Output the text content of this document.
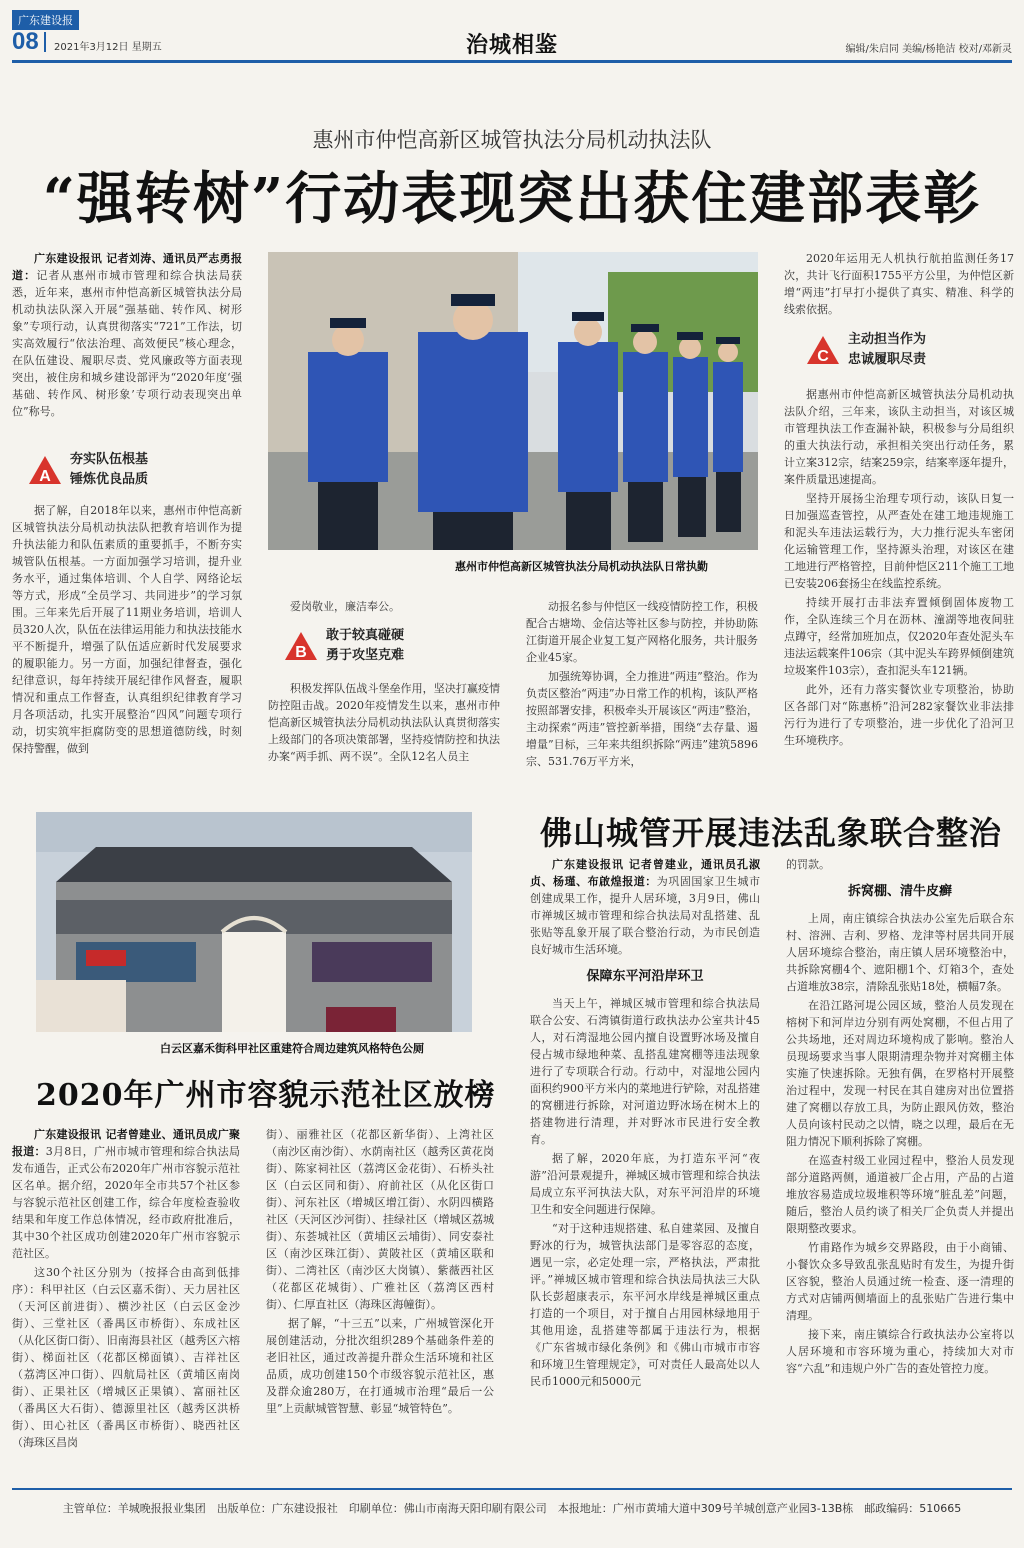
广东建设报
08 2021年3月12日 星期五	治城相鉴	编辑/朱启同 美编/杨艳洁 校对/邓新灵
惠州市仲恺高新区城管执法分局机动执法队
“强转树”行动表现突出获住建部表彰

广东建设报讯 记者刘涛、通讯员严志勇报道：记者从惠州市城市管理和综合执法局获悉，近年来，惠州市仲恺高新区城管执法分局机动执法队深入开展“强基础、转作风、树形象”专项行动，认真贯彻落实“721”工作法，切实高效履行“依法治理、高效便民”核心理念，在队伍建设、履职尽责、党风廉政等方面表现突出，被住房和城乡建设部评为“2020年度‘强基础、转作风、树形象’专项行动表现突出单位”称号。

A
夯实队伍根基
锤炼优良品质

据了解，自2018年以来，惠州市仲恺高新区城管执法分局机动执法队把教育培训作为提升执法能力和队伍素质的重要抓手，不断夯实城管队伍根基。一方面加强学习培训，提升业务水平，通过集体培训、个人自学、网络论坛等方式，形成“全员学习、共同进步”的学习氛围。三年来先后开展了11期业务培训，培训人员320人次，队伍在法律运用能力和执法技能水平不断提升，增强了队伍适应新时代发展要求的履职能力。另一方面，加强纪律督查，强化纪律意识，每年持续开展纪律作风督查，履职情况和重点工作督查，认真组织纪律教育学习月各项活动，扎实开展整治“四风”问题专项行动，切实筑牢拒腐防变的思想道德防线，时刻保持警醒，做到

惠州市仲恺高新区城管执法分局机动执法队日常执勤

爱岗敬业，廉洁奉公。

B
敢于较真碰硬
勇于攻坚克难

积极发挥队伍战斗堡垒作用，坚决打赢疫情防控阻击战。2020年疫情发生以来，惠州市仲恺高新区城管执法分局机动执法队认真贯彻落实上级部门的各项决策部署，坚持疫情防控和执法办案“两手抓、两不误”。全队12名人员主

动报名参与仲恺区一线疫情防控工作，积极配合古塘坳、金信达等社区参与防控，并协助陈江街道开展企业复工复产网格化服务，共计服务企业45家。

加强统筹协调，全力推进“两违”整治。作为负责区整治“两违”办日常工作的机构，该队严格按照部署安排，积极牵头开展该区“两违”整治，主动探索“两违”管控新举措，围绕“去存量、遏增量”目标，三年来共组织拆除“两违”建筑5896宗、531.76万平方米，

2020年运用无人机执行航拍监测任务17次，共计飞行面积1755平方公里，为仲恺区新增“两违”打早打小提供了真实、精准、科学的线索依据。

C
主动担当作为
忠诚履职尽责

据惠州市仲恺高新区城管执法分局机动执法队介绍，三年来，该队主动担当，对该区城市管理执法工作查漏补缺，积极参与分局组织的重大执法行动，承担相关突出行动任务，累计立案312宗，结案259宗，结案率逐年提升，案件质量迅速提高。

坚持开展扬尘治理专项行动，该队日复一日加强巡查管控，从严查处在建工地违规施工和泥头车违法运载行为，大力推行泥头车密闭化运输管理工作，坚持源头治理，对该区在建工地进行严格管控，目前仲恺区211个施工工地已安装206套扬尘在线监控系统。

持续开展打击非法弃置倾倒固体废物工作，全队连续三个月在沥林、潼湖等地夜间驻点蹲守，经常加班加点，仅2020年查处泥头车违法运载案件106宗（其中泥头车跨界倾倒建筑垃圾案件103宗），查扣泥头车121辆。

此外，还有力落实餐饮业专项整治，协助区各部门对“陈惠桥”沿河282家餐饮业非法排污行为进行了专项整治，进一步优化了沿河卫生环境秩序。

白云区嘉禾街科甲社区重建符合周边建筑风格特色公厕
2020年广州市容貌示范社区放榜

广东建设报讯 记者曾建业、通讯员成广聚报道：3月8日，广州市城市管理和综合执法局发布通告，正式公布2020年广州市容貌示范社区名单。据介绍，2020年全市共57个社区参与容貌示范社区创建工作，综合年度检查验收结果和年度工作总体情况，经市政府批准后，其中30个社区成功创建2020年广州市容貌示范社区。

这30个社区分别为（按择合由高到低排序）：科甲社区（白云区嘉禾街）、天力居社区（天河区前进街）、横沙社区（白云区金沙街）、三堂社区（番禺区市桥街）、东成社区（从化区街口街）、旧南海县社区（越秀区六榕街）、梯面社区（花都区梯面镇）、吉祥社区（荔湾区冲口街）、四航局社区（黄埔区南岗街）、正果社区（增城区正果镇）、富丽社区（番禺区大石街）、德源里社区（越秀区洪桥街）、田心社区（番禺区市桥街）、晓西社区（海珠区昌岗

街）、丽雅社区（花都区新华街）、上湾社区（南沙区南沙街）、水荫南社区（越秀区黄花岗街）、陈家祠社区（荔湾区金花街）、石桥头社区（白云区同和街）、府前社区（从化区街口街）、河东社区（增城区增江街）、水阴四横路社区（天河区沙河街）、挂绿社区（增城区荔城街）、东荟城社区（黄埔区云埔街）、同安泰社区（南沙区珠江街）、黄陂社区（黄埔区联和街）、二湾社区（南沙区大岗镇）、紫薇西社区（花都区花城街）、广雅社区（荔湾区西村街）、仁厚直社区（海珠区海幢街）。

据了解，“十三五”以来，广州城管深化开展创建活动，分批次组织289个基础条件差的老旧社区，通过改善提升群众生活环境和社区品质，成功创建150个市级容貌示范社区，惠及群众逾280万，在打通城市治理“最后一公里”上贡献城管智慧、彰显“城管特色”。

佛山城管开展违法乱象联合整治

广东建设报讯 记者曾建业，通讯员孔淑贞、杨瑾、布啟煌报道：为巩固国家卫生城市创建成果工作，提升人居环境，3月9日，佛山市禅城区城市管理和综合执法局对乱搭建、乱张贴等乱象开展了联合整治行动，为市民创造良好城市生活环境。

保障东平河沿岸环卫

当天上午，禅城区城市管理和综合执法局联合公安、石湾镇街道行政执法办公室共计45人，对石湾湿地公园内擅自设置野冰场及擅自侵占城市绿地种菜、乱搭乱建窝棚等违法现象进行了专项联合行动。行动中，对湿地公园内面积约900平方米内的菜地进行铲除，对乱搭建的窝棚进行拆除，对河道边野冰场在树木上的搭建物进行清理，并对野冰市民进行安全教育。

据了解，2020年底，为打造东平河“夜游”沿河景观提升，禅城区城市管理和综合执法局成立东平河执法大队，对东平河沿岸的环境卫生和安全问题进行保障。

“对于这种违规搭建、私自建菜园、及擅自野冰的行为，城管执法部门是零容忍的态度，遇见一宗，必定处理一宗，严格执法，严肃批评。”禅城区城市管理和综合执法局执法三大队队长彭超康表示，东平河水岸线是禅城区重点打造的一个项目，对于擅自占用园林绿地用于其他用途，乱搭建等都属于违法行为，根据《广东省城市绿化条例》和《佛山市城市市容和环境卫生管理规定》，可对责任人最高处以人民币1000元和5000元

的罚款。

拆窝棚、清牛皮癣

上周，南庄镇综合执法办公室先后联合东村、溶洲、吉利、罗格、龙津等村居共同开展人居环境综合整治，南庄镇人居环境整治中，共拆除窝棚4个、遮阳棚1个、灯箱3个，查处占道堆放38宗，清除乱张贴18处，横幅7条。

在沿江路河堤公园区域，整治人员发现在榕树下和河岸边分别有两处窝棚，不但占用了公共场地，还对周边环境构成了影响。整治人员现场要求当事人限期清理杂物并对窝棚主体实施了快速拆除。无独有偶，在罗格村开展整治过程中，发现一村民在其自建房对出位置搭建了窝棚以存放工具，为防止跟风仿效，整治人员向该村民动之以情，晓之以理，最后在无阻力情况下顺利拆除了窝棚。

在巡查村级工业园过程中，整治人员发现部分道路两侧，通道被厂企占用，产品的占道堆放容易造成垃圾堆积等环境“脏乱差”问题，随后，整治人员约谈了相关厂企负责人并提出限期整改要求。

竹甫路作为城乡交界路段，由于小商铺、小餐饮众多导致乱张乱贴时有发生，为提升街区容貌，整治人员通过统一检查、逐一清理的方式对店铺两侧墙面上的乱张贴广告进行集中清理。

接下来，南庄镇综合行政执法办公室将以人居环境和市容环境为重心，持续加大对市容“六乱”和违规户外广告的查处管控力度。

主管单位：羊城晚报报业集团　出版单位：广东建设报社　印刷单位：佛山市南海天阳印刷有限公司　本报地址：广州市黄埔大道中309号羊城创意产业园3-13B栋　邮政编码：510665
